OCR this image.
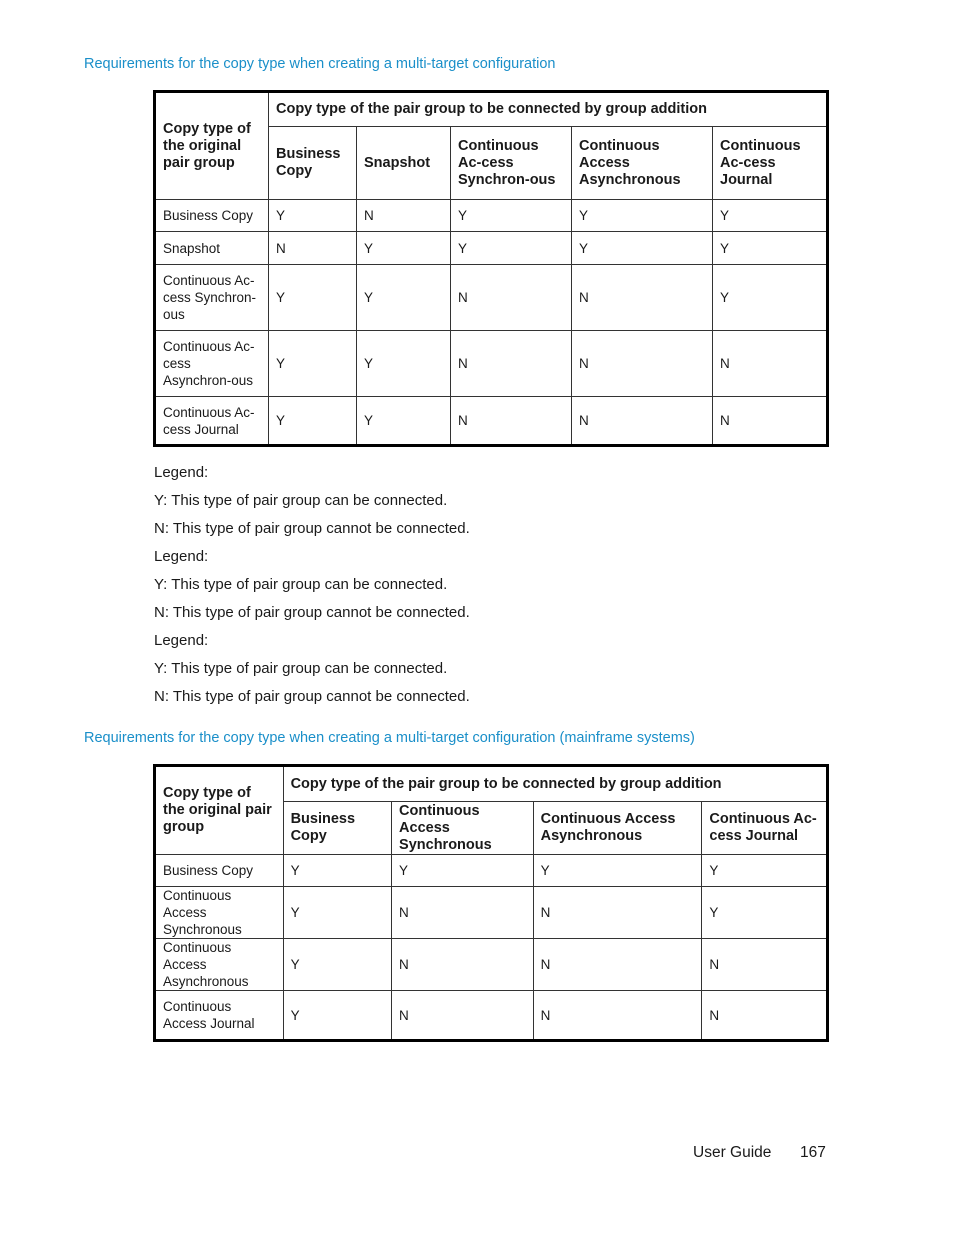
Requirements for the copy type when creating a multi-target configuration
Copy type of the original pair group	Copy type of the pair group to be connected by group addition				
	Business Copy	Snapshot	Continuous Ac-cess Synchron-ous	Continuous Access Asynchronous	Continuous Ac-cess Journal
Business Copy	Y	N	Y	Y	Y
Snapshot	N	Y	Y	Y	Y
Continuous Ac-cess Synchron-ous	Y	Y	N	N	Y
Continuous Ac-cess Asynchron-ous	Y	Y	N	N	N
Continuous Ac-cess Journal	Y	Y	N	N	N
Legend:
Y: This type of pair group can be connected.
N: This type of pair group cannot be connected.
Legend:
Y: This type of pair group can be connected.
N: This type of pair group cannot be connected.
Legend:
Y: This type of pair group can be connected.
N: This type of pair group cannot be connected.
Requirements for the copy type when creating a multi-target configuration (mainframe systems)
Copy type of the original pair group	Copy type of the pair group to be connected by group addition			
	Business Copy	Continuous Access Synchronous	Continuous Access Asynchronous	Continuous Ac-cess Journal
Business Copy	Y	Y	Y	Y
Continuous Access Synchronous	Y	N	N	Y
Continuous Access Asynchronous	Y	N	N	N
Continuous Access Journal	Y	N	N	N
User Guide 167
